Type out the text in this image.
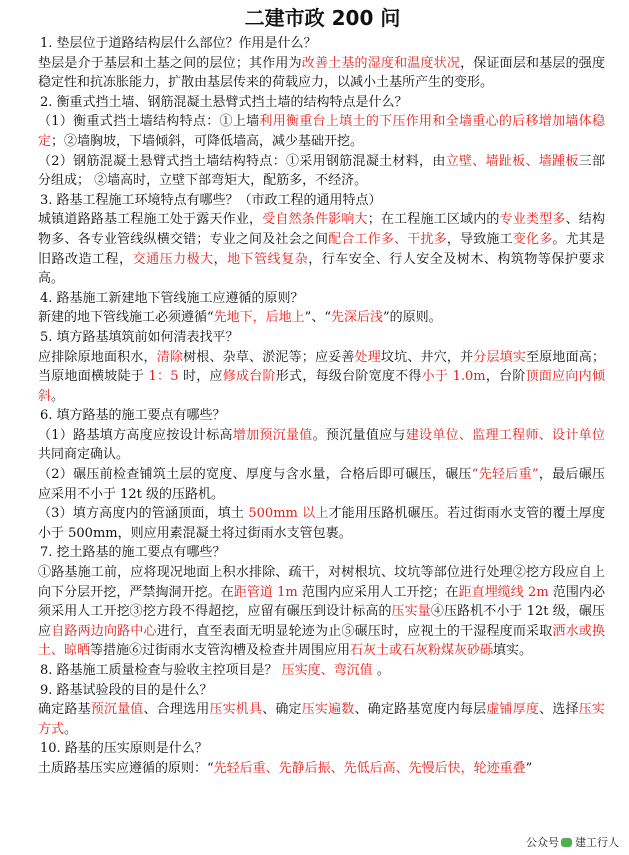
二建市政 200 问

1. 垫层位于道路结构层什么部位？作用是什么？

垫层是介于基层和土基之间的层位；其作用为改善土基的湿度和温度状况，保证面层和基层的强度稳定性和抗冻胀能力，扩散由基层传来的荷载应力，以减小土基所产生的变形。

2. 衡重式挡土墙、钢筋混凝土悬臂式挡土墙的结构特点是什么？

（1）衡重式挡土墙结构特点：①上墙利用衡重台上填土的下压作用和全墙重心的后移增加墙体稳定；②墙胸坡，下墙倾斜，可降低墙高，减少基础开挖。

（2）钢筋混凝土悬臂式挡土墙结构特点：①采用钢筋混凝土材料，由立壁、墙趾板、墙踵板三部分组成； ②墙高时，立壁下部弯矩大，配筋多，不经济。

3. 路基工程施工环境特点有哪些？（市政工程的通用特点）

城镇道路路基工程施工处于露天作业，受自然条件影响大；在工程施工区域内的专业类型多、结构物多、各专业管线纵横交错；专业之间及社会之间配合工作多、干扰多，导致施工变化多。尤其是旧路改造工程，交通压力极大，地下管线复杂，行车安全、行人安全及树木、构筑物等保护要求高。

4. 路基施工新建地下管线施工应遵循的原则？

新建的地下管线施工必须遵循“先地下，后地上”、“先深后浅”的原则。

5. 填方路基填筑前如何清表找平？

应排除原地面积水，清除树根、杂草、淤泥等；应妥善处理坟坑、井穴，并分层填实至原地面高；当原地面横坡陡于 1：5 时，应修成台阶形式，每级台阶宽度不得小于 1.0m，台阶顶面应向内倾斜。

6. 填方路基的施工要点有哪些？

（1）路基填方高度应按设计标高增加预沉量值。预沉量值应与建设单位、监理工程师、设计单位共同商定确认。

（2）碾压前检查铺筑土层的宽度、厚度与含水量，合格后即可碾压，碾压“先轻后重”，最后碾压应采用不小于 12t 级的压路机。

（3）填方高度内的管涵顶面，填土 500mm 以上才能用压路机碾压。若过街雨水支管的覆土厚度小于 500mm，则应用素混凝土将过街雨水支管包裹。

7. 挖土路基的施工要点有哪些？

①路基施工前，应将现况地面上积水排除、疏干，对树根坑、坟坑等部位进行处理②挖方段应自上向下分层开挖，严禁掏洞开挖。在距管道 1m 范围内应采用人工开挖；在距直埋缆线 2m 范围内必须采用人工开挖③挖方段不得超挖，应留有碾压到设计标高的压实量④压路机不小于 12t 级，碾压应自路两边向路中心进行，直至表面无明显轮迹为止⑤碾压时，应视土的干湿程度而采取洒水或换土、晾晒等措施⑥过街雨水支管沟槽及检查井周围应用石灰土或石灰粉煤灰砂砾填实。

8. 路基施工质量检查与验收主控项目是？ 压实度、弯沉值 。

9. 路基试验段的目的是什么？

确定路基预沉量值、合理选用压实机具、确定压实遍数、确定路基宽度内每层虚铺厚度、选择压实方式。

10. 路基的压实原则是什么？

土质路基压实应遵循的原则：“先轻后重、先静后振、先低后高、先慢后快，轮迹重叠”

公众号 建工行人
